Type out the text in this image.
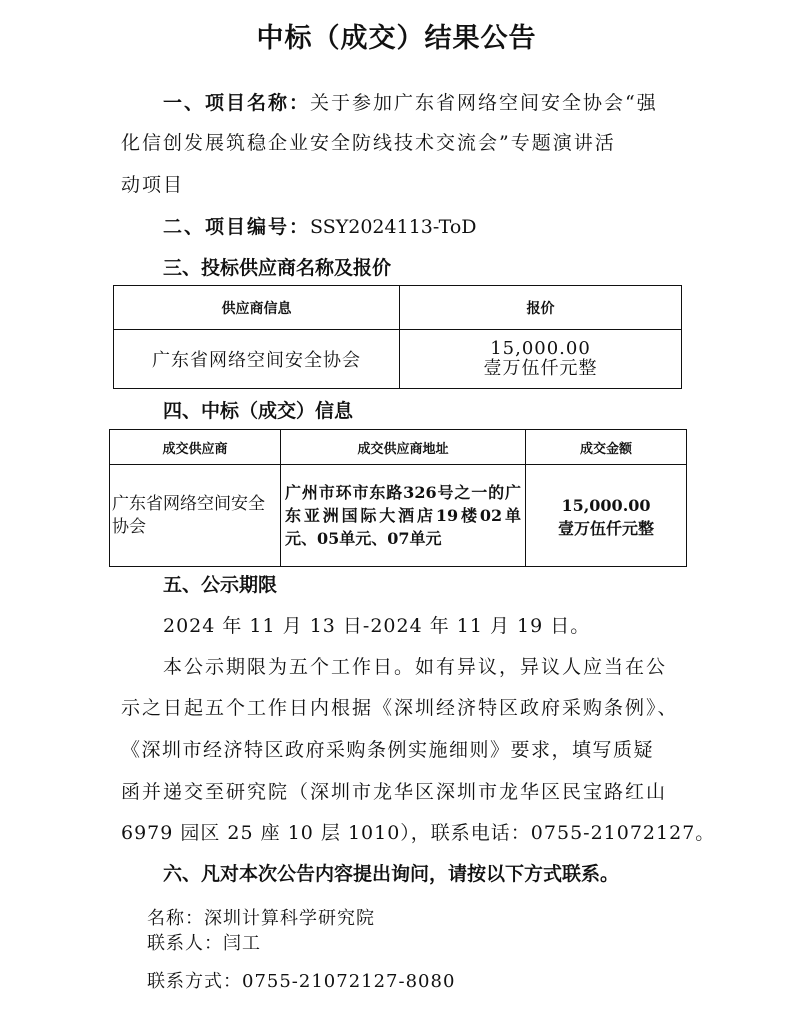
中标（成交）结果公告
一、项目名称：关于参加广东省网络空间安全协会“强
化信创发展筑稳企业安全防线技术交流会”专题演讲活
动项目
二、项目编号：SSY2024113-ToD
三、投标供应商名称及报价
供应商信息	报价
广东省网络空间安全协会	15,000.00
壹万伍仟元整
四、中标（成交）信息
成交供应商	成交供应商地址	成交金额
广东省网络空间安全协会	广州市环市东路326号之一的广东亚洲国际大酒店19楼02单元、05单元、07单元	15,000.00
壹万伍仟元整
五、公示期限
2024 年 11 月 13 日-2024 年 11 月 19 日。
本公示期限为五个工作日。如有异议，异议人应当在公
示之日起五个工作日内根据《深圳经济特区政府采购条例》、
《深圳市经济特区政府采购条例实施细则》要求，填写质疑
函并递交至研究院（深圳市龙华区深圳市龙华区民宝路红山
6979 园区 25 座 10 层 1010），联系电话：0755-21072127。
六、凡对本次公告内容提出询问，请按以下方式联系。
名称：深圳计算科学研究院
联系人：闫工
联系方式：0755-21072127-8080
